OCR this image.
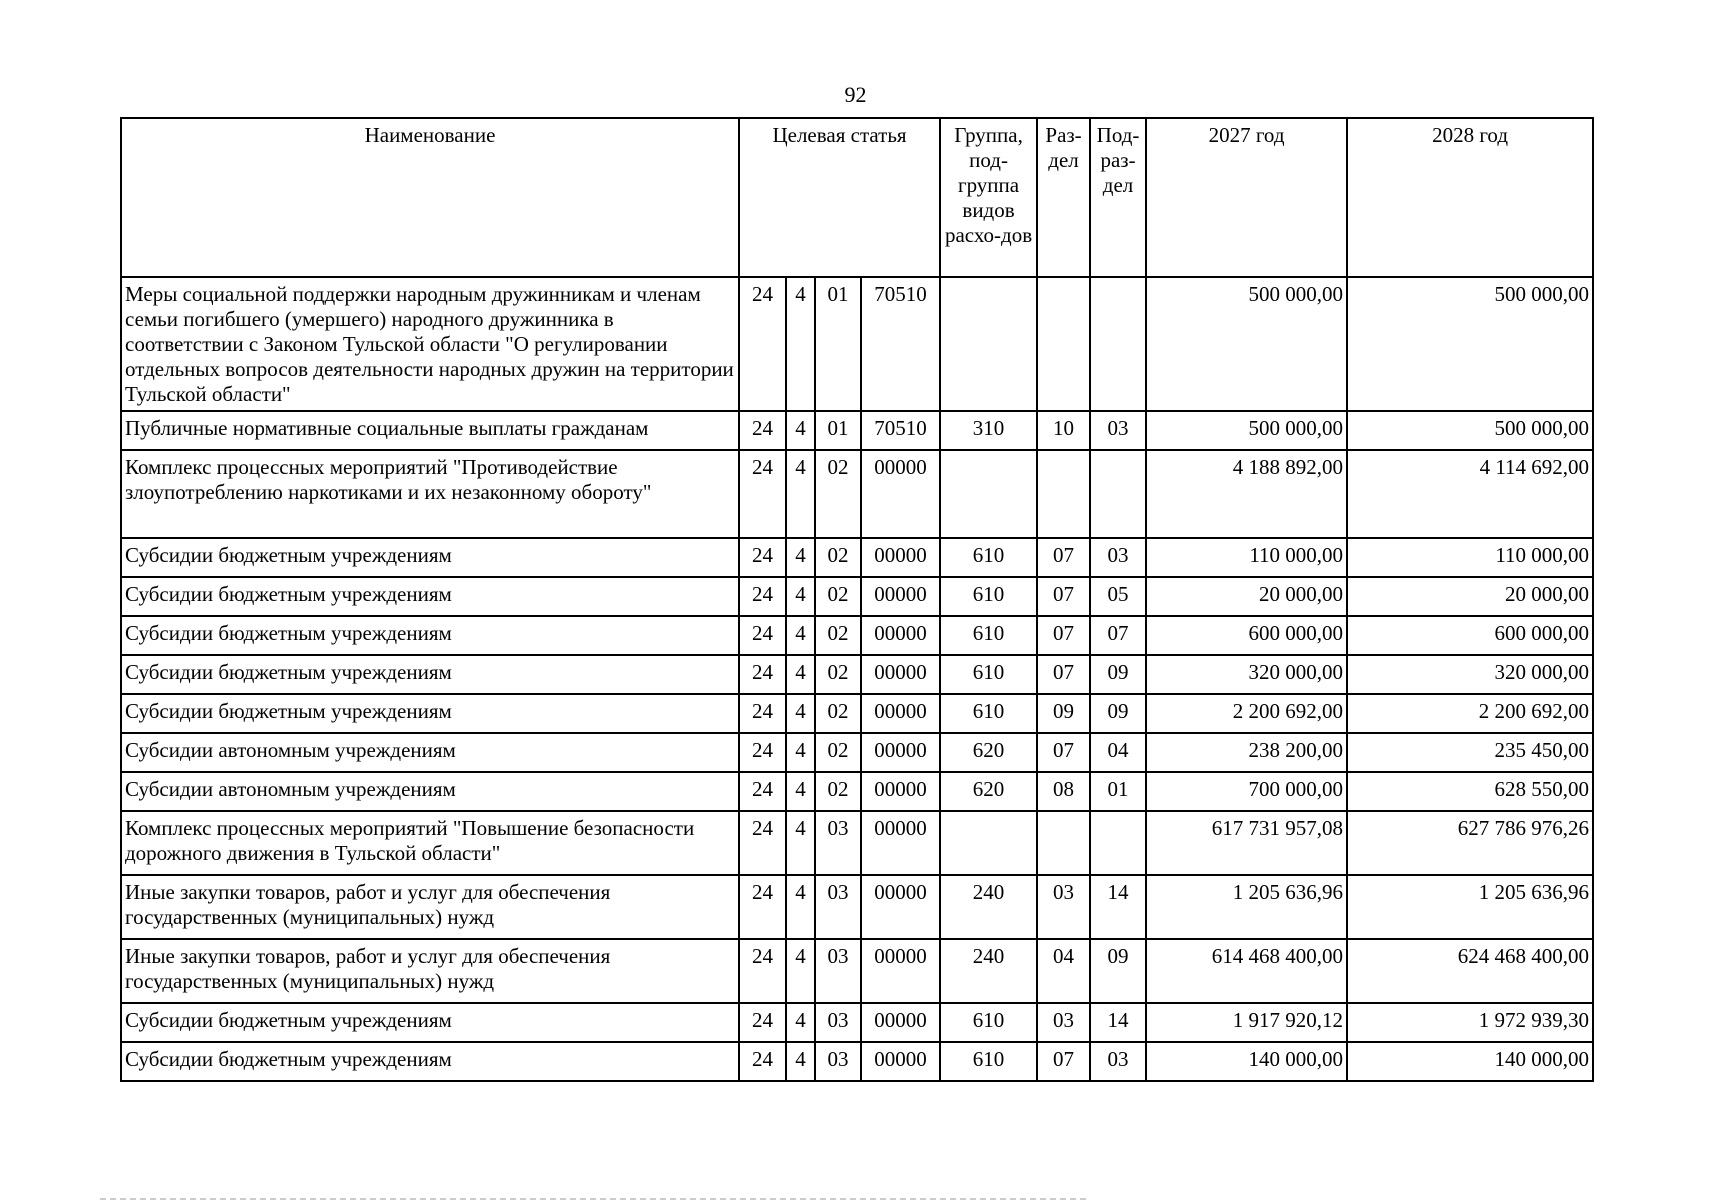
92
Наименование	Целевая статья				Группа, под-группа видов расхо-дов	Раз-дел	Под-раз-дел	2027 год	2028 год
Меры социальной поддержки народным дружинникам и членам семьи погибшего (умершего) народного дружинника в соответствии с Законом Тульской области "О регулировании отдельных вопросов деятельности народных дружин на территории Тульской области"	24	4	01	70510				500 000,00	500 000,00
Публичные нормативные социальные выплаты гражданам	24	4	01	70510	310	10	03	500 000,00	500 000,00
Комплекс процессных мероприятий "Противодействие злоупотреблению наркотиками и их незаконному обороту"	24	4	02	00000				4 188 892,00	4 114 692,00
Субсидии бюджетным учреждениям	24	4	02	00000	610	07	03	110 000,00	110 000,00
Субсидии бюджетным учреждениям	24	4	02	00000	610	07	05	20 000,00	20 000,00
Субсидии бюджетным учреждениям	24	4	02	00000	610	07	07	600 000,00	600 000,00
Субсидии бюджетным учреждениям	24	4	02	00000	610	07	09	320 000,00	320 000,00
Субсидии бюджетным учреждениям	24	4	02	00000	610	09	09	2 200 692,00	2 200 692,00
Субсидии автономным учреждениям	24	4	02	00000	620	07	04	238 200,00	235 450,00
Субсидии автономным учреждениям	24	4	02	00000	620	08	01	700 000,00	628 550,00
Комплекс процессных мероприятий "Повышение безопасности дорожного движения в Тульской области"	24	4	03	00000				617 731 957,08	627 786 976,26
Иные закупки товаров, работ и услуг для обеспечения государственных (муниципальных) нужд	24	4	03	00000	240	03	14	1 205 636,96	1 205 636,96
Иные закупки товаров, работ и услуг для обеспечения государственных (муниципальных) нужд	24	4	03	00000	240	04	09	614 468 400,00	624 468 400,00
Субсидии бюджетным учреждениям	24	4	03	00000	610	03	14	1 917 920,12	1 972 939,30
Субсидии бюджетным учреждениям	24	4	03	00000	610	07	03	140 000,00	140 000,00
